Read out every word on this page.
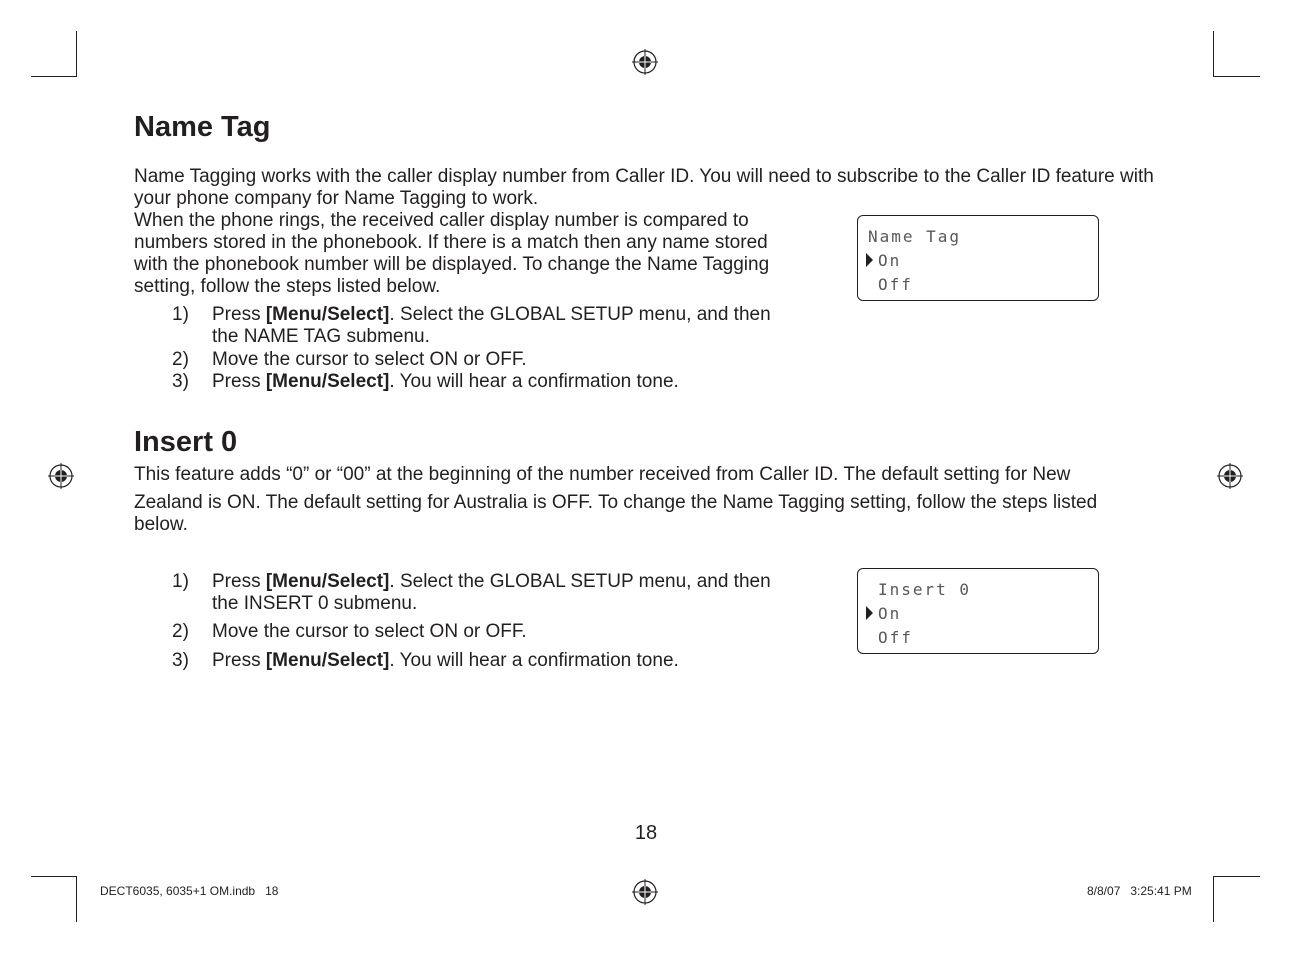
Name Tag

Name Tagging works with the caller display number from Caller ID. You will need to subscribe to the Caller ID feature with your phone company for Name Tagging to work.

When the phone rings, the received caller display number is compared to numbers stored in the phonebook. If there is a match then any name stored with the phonebook number will be displayed. To change the Name Tagging setting, follow the steps listed below.

1) Press [Menu/Select]. Select the GLOBAL SETUP menu, and then the NAME TAG submenu.
2) Move the cursor to select ON or OFF.
3) Press [Menu/Select]. You will hear a confirmation tone.
Name Tag
On
Off
Insert 0

This feature adds “0” or “00” at the beginning of the number received from Caller ID. The default setting for New

Zealand is ON. The default setting for Australia is OFF. To change the Name Tagging setting, follow the steps listed below.

1) Press [Menu/Select]. Select the GLOBAL SETUP menu, and then the INSERT 0 submenu.
2) Move the cursor to select ON or OFF.
3) Press [Menu/Select]. You will hear a confirmation tone.
Insert 0
On
Off
18
DECT6035, 6035+1 OM.indb   18	8/8/07   3:25:41 PM
